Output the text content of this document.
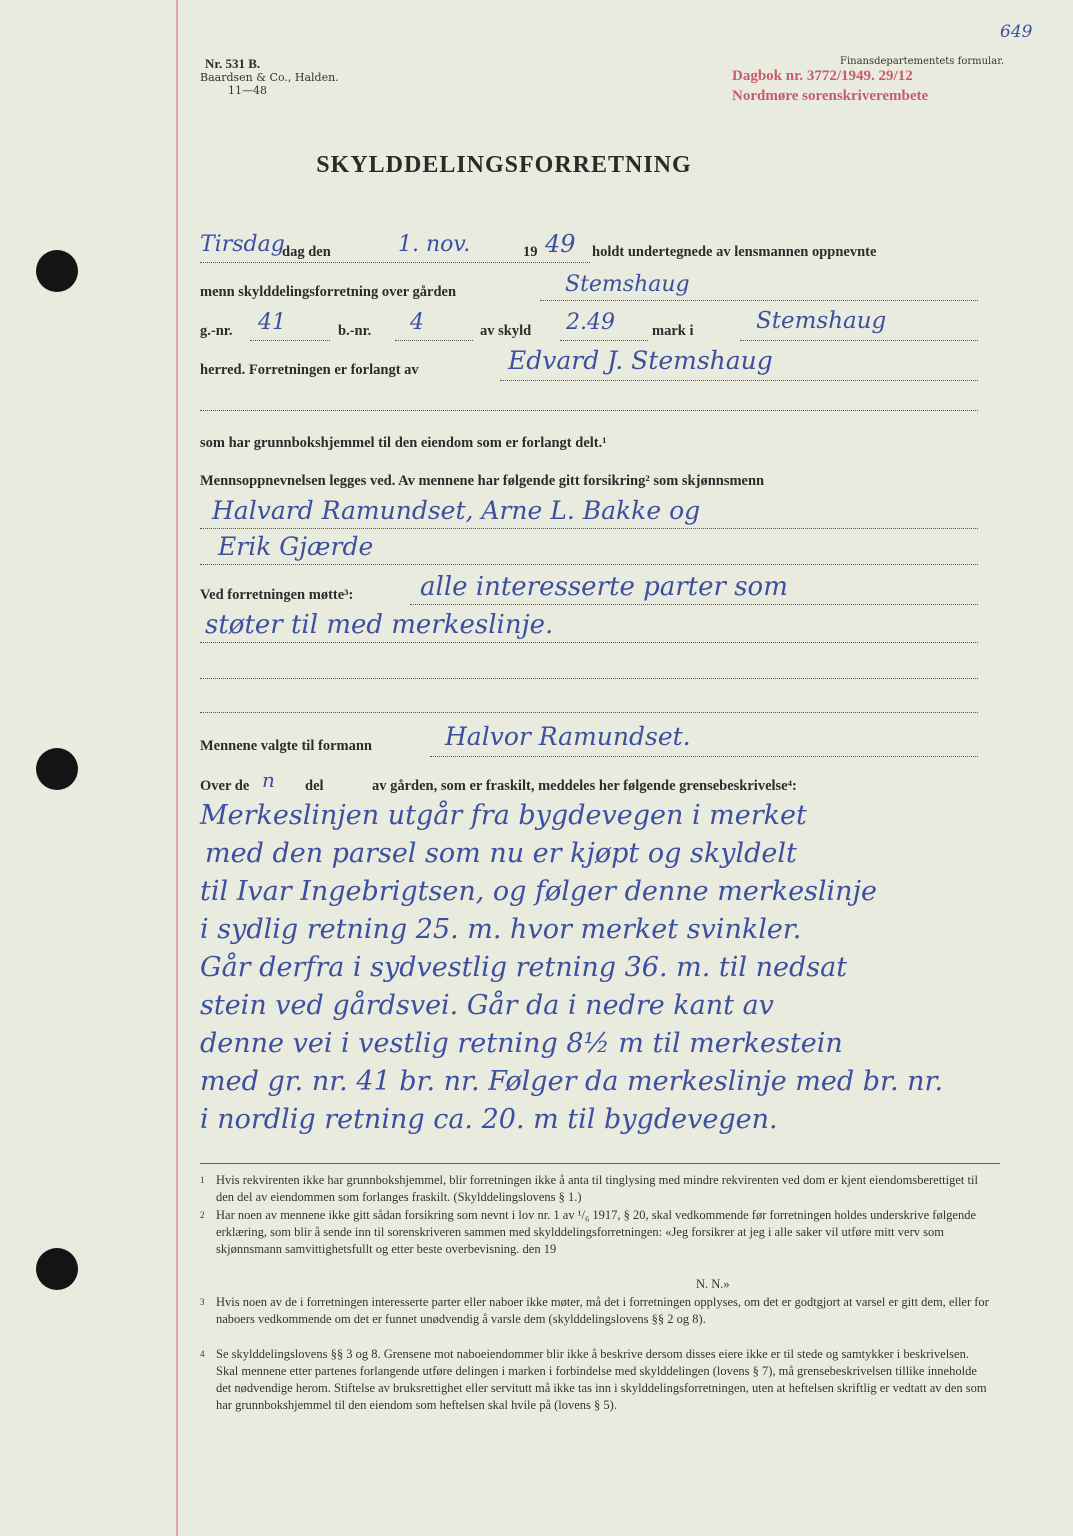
Nr. 531 B.
Baardsen & Co., Halden.
11—48
Finansdepartementets formular.
649
Dagbok nr. 3772/1949. 29/12
Nordmøre sorenskriverembete
SKYLDDELINGSFORRETNING
Tirsdag
dag den	1. nov.	19 49 holdt undertegnede av lensmannen oppnevnte
menn skylddelingsforretning over gården	Stemshaug
g.-nr. 41	b.-nr. 4	av skyld 2.49	mark i	Stemshaug
herred. Forretningen er forlangt av	Edvard J. Stemshaug
som har grunnbokshjemmel til den eiendom som er forlangt delt.¹
Mennsoppnevnelsen legges ved. Av mennene har følgende gitt forsikring² som skjønnsmenn
Halvard Ramundset, Arne L. Bakke og
Erik Gjærde
Ved forretningen møtte³:	alle interesserte parter som
støter til med merkeslinje.
Mennene valgte til formann	Halvor Ramundset.
Over de n del	av gården, som er fraskilt, meddeles her følgende grensebeskrivelse⁴:
Merkeslinjen utgår fra bygdevegen i merket
med den parsel som nu er kjøpt og skyldelt
til Ivar Ingebrigtsen, og følger denne merkeslinje
i sydlig retning 25. m. hvor merket svinkler.
Går derfra i sydvestlig retning 36. m. til nedsat
stein ved gårdsvei. Går da i nedre kant av
denne vei i vestlig retning 8½ m til merkestein
med gr. nr. 41 br. nr. Følger da merkeslinje med br. nr.
i nordlig retning ca. 20. m til bygdevegen.
1 Hvis rekvirenten ikke har grunnbokshjemmel, blir forretningen ikke å anta til tinglysing med mindre rekvirenten ved dom er kjent eiendomsberettiget til den del av eiendommen som forlanges fraskilt. (Skylddelingslovens § 1.)
2 Har noen av mennene ikke gitt sådan forsikring som nevnt i lov nr. 1 av ¹/₆ 1917, § 20, skal vedkommende før forretningen holdes underskrive følgende erklæring, som blir å sende inn til sorenskriveren sammen med skylddelingsforretningen: «Jeg forsikrer at jeg i alle saker vil utføre mitt verv som skjønnsmann samvittighetsfullt og etter beste overbevisning. den 19
N. N.»
3 Hvis noen av de i forretningen interesserte parter eller naboer ikke møter, må det i forretningen opplyses, om det er godtgjort at varsel er gitt dem, eller for naboers vedkommende om det er funnet unødvendig å varsle dem (skylddelingslovens §§ 2 og 8).
4 Se skylddelingslovens §§ 3 og 8. Grensene mot naboeiendommer blir ikke å beskrive dersom disses eiere ikke er til stede og samtykker i beskrivelsen. Skal mennene etter partenes forlangende utføre delingen i marken i forbindelse med skylddelingen (lovens § 7), må grensebeskrivelsen tillike inneholde det nødvendige herom. Stiftelse av bruksrettighet eller servitutt må ikke tas inn i skylddelingsforretningen, uten at heftelsen skriftlig er vedtatt av den som har grunnbokshjemmel til den eiendom som heftelsen skal hvile på (lovens § 5).
